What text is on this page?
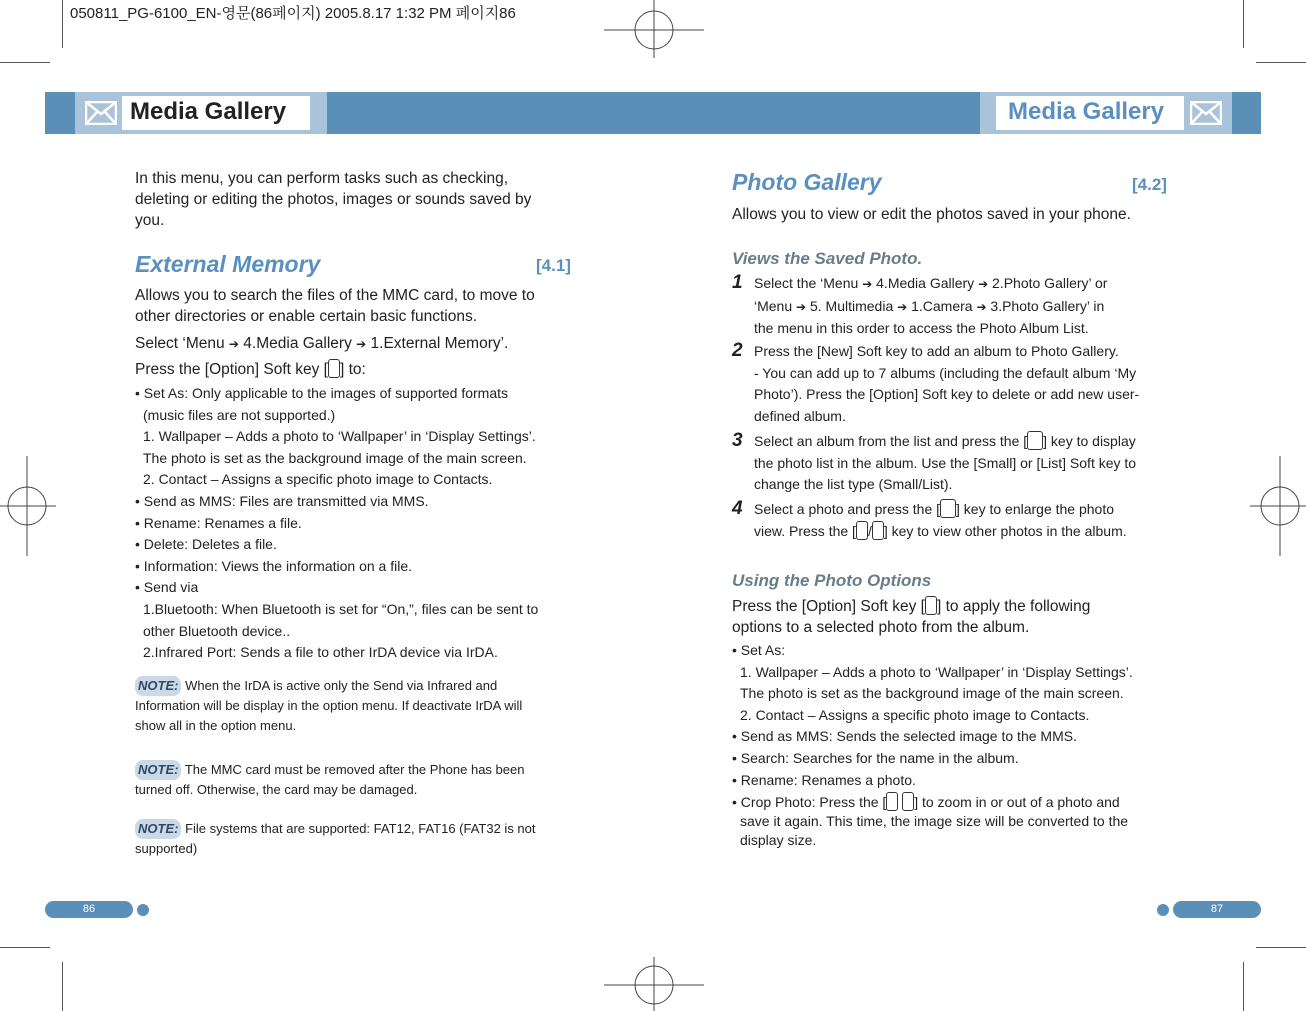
050811_PG-6100_EN-영문(86페이지) 2005.8.17 1:32 PM 페이지86
Media Gallery	Media Gallery
In this menu, you can perform tasks such as checking,
deleting or editing the photos, images or sounds saved by
you.
External Memory	[4.1]
Allows you to search the files of the MMC card, to move to
other directories or enable certain basic functions.
Select ‘Menu ➔ 4.Media Gallery ➔ 1.External Memory’.
Press the [Option] Soft key [ ] to:
• Set As: Only applicable to the images of supported formats
(music files are not supported.)
1. Wallpaper – Adds a photo to ‘Wallpaper’ in ‘Display Settings’.
The photo is set as the background image of the main screen.
2. Contact – Assigns a specific photo image to Contacts.
• Send as MMS: Files are transmitted via MMS.
• Rename: Renames a file.
• Delete: Deletes a file.
• Information: Views the information on a file.
• Send via
1.Bluetooth: When Bluetooth is set for “On,”, files can be sent to
other Bluetooth device..
2.Infrared Port: Sends a file to other IrDA device via IrDA.
NOTE: When the IrDA is active only the Send via Infrared and
Information will be display in the option menu. If deactivate IrDA will
show all in the option menu.
NOTE: The MMC card must be removed after the Phone has been
turned off. Otherwise, the card may be damaged.
NOTE: File systems that are supported: FAT12, FAT16 (FAT32 is not
supported)
86
Photo Gallery	[4.2]
Allows you to view or edit the photos saved in your phone.
Views the Saved Photo.
1 Select the ‘Menu ➔ 4.Media Gallery ➔ 2.Photo Gallery’ or
‘Menu ➔ 5. Multimedia ➔ 1.Camera ➔ 3.Photo Gallery’ in
the menu in this order to access the Photo Album List.
2 Press the [New] Soft key to add an album to Photo Gallery.
- You can add up to 7 albums (including the default album ‘My
Photo’). Press the [Option] Soft key to delete or add new user-
defined album.
3 Select an album from the list and press the [ ] key to display
the photo list in the album. Use the [Small] or [List] Soft key to
change the list type (Small/List).
4 Select a photo and press the [ ] key to enlarge the photo
view. Press the [ / ] key to view other photos in the album.
Using the Photo Options
Press the [Option] Soft key [ ] to apply the following
options to a selected photo from the album.
• Set As:
1. Wallpaper – Adds a photo to ‘Wallpaper’ in ‘Display Settings’.
The photo is set as the background image of the main screen.
2. Contact – Assigns a specific photo image to Contacts.
• Send as MMS: Sends the selected image to the MMS.
• Search: Searches for the name in the album.
• Rename: Renames a photo.
• Crop Photo: Press the [ ] to zoom in or out of a photo and
save it again. This time, the image size will be converted to the
display size.
87
